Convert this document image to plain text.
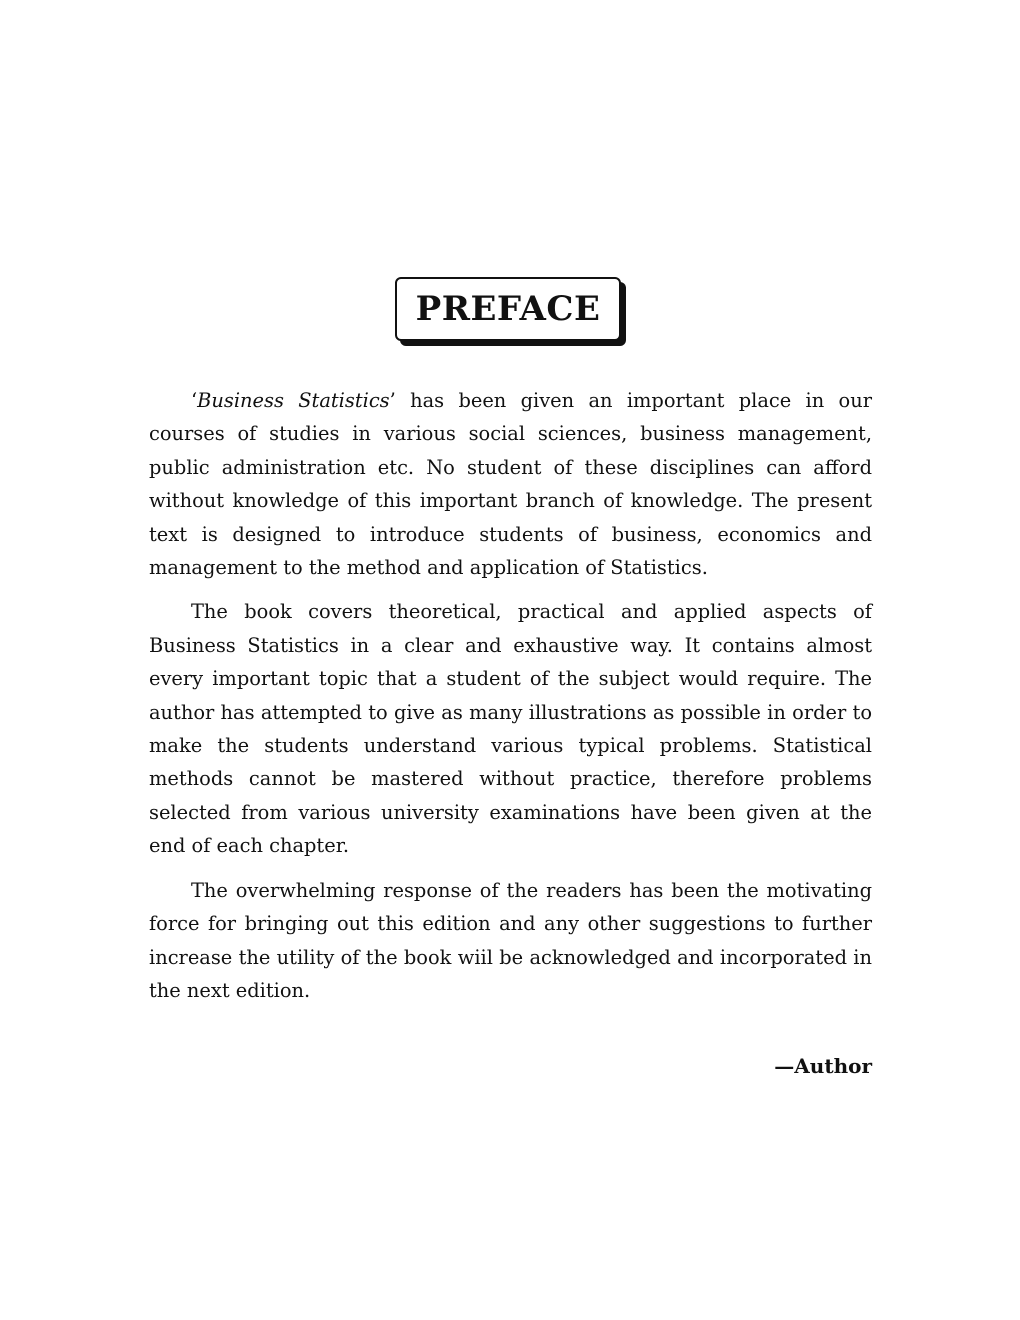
PREFACE

‘Business Statistics’ has been given an important place in our courses of studies in various social sciences, business management, public administration etc. No student of these disciplines can afford without knowledge of this important branch of knowledge. The present text is designed to introduce students of business, economics and management to the method and application of Statistics.

The book covers theoretical, practical and applied aspects of Business Statistics in a clear and exhaustive way. It contains almost every important topic that a student of the subject would require. The author has attempted to give as many illustrations as possible in order to make the students understand various typical problems. Statistical methods cannot be mastered without practice, therefore problems selected from various university examinations have been given at the end of each chapter.

The overwhelming response of the readers has been the motivating force for bringing out this edition and any other suggestions to further increase the utility of the book wiil be acknowledged and incorporated in the next edition.

—Author
